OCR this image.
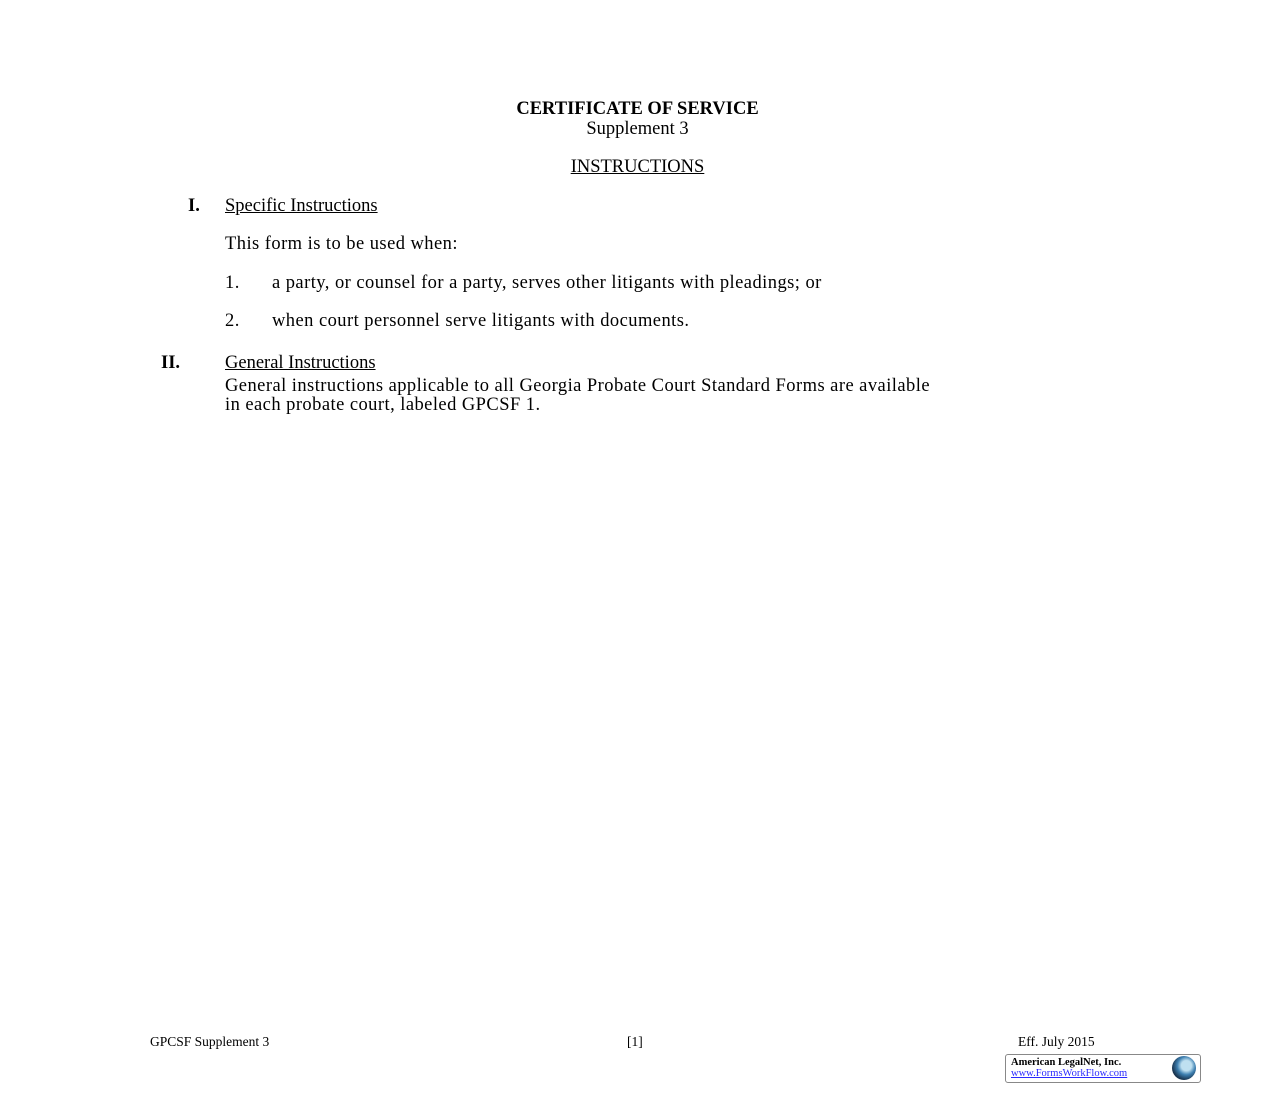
CERTIFICATE OF SERVICE
Supplement 3
INSTRUCTIONS
I. Specific Instructions
This form is to be used when:
1. a party, or counsel for a party, serves other litigants with pleadings; or
2. when court personnel serve litigants with documents.
II. General Instructions
General instructions applicable to all Georgia Probate Court Standard Forms are available
in each probate court, labeled GPCSF 1.
GPCSF Supplement 3	[1]	Eff. July 2015
American LegalNet, Inc.
www.FormsWorkFlow.com
